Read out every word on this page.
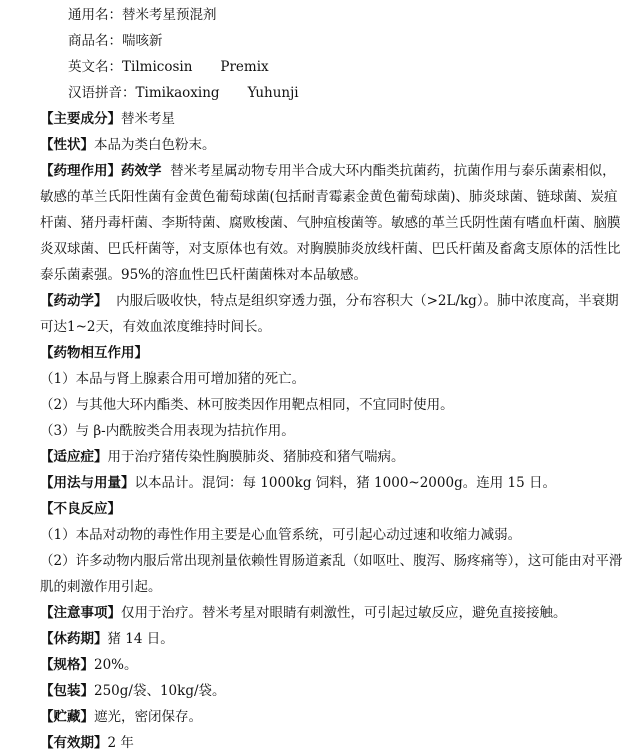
通用名：替米考星预混剂

商品名：喘咳新

英文名：Tilmicosin Premix

汉语拼音：Timikaoxing Yuhunji

【主要成分】替米考星

【性状】本品为类白色粉末。

【药理作用】药效学 替米考星属动物专用半合成大环内酯类抗菌药，抗菌作用与泰乐菌素相似，敏感的革兰氏阳性菌有金黄色葡萄球菌(包括耐青霉素金黄色葡萄球菌)、肺炎球菌、链球菌、炭疽杆菌、猪丹毒杆菌、李斯特菌、腐败梭菌、气肿疽梭菌等。敏感的革兰氏阴性菌有嗜血杆菌、脑膜炎双球菌、巴氏杆菌等，对支原体也有效。对胸膜肺炎放线杆菌、巴氏杆菌及畜禽支原体的活性比泰乐菌素强。95%的溶血性巴氏杆菌菌株对本品敏感。

【药动学】 内服后吸收快，特点是组织穿透力强，分布容积大（>2L/kg）。肺中浓度高，半衰期可达1~2天，有效血浓度维持时间长。

【药物相互作用】

（1）本品与肾上腺素合用可增加猪的死亡。

（2）与其他大环内酯类、林可胺类因作用靶点相同，不宜同时使用。

（3）与 β-内酰胺类合用表现为拮抗作用。

【适应症】用于治疗猪传染性胸膜肺炎、猪肺疫和猪气喘病。

【用法与用量】以本品计。混饲：每 1000kg 饲料，猪 1000~2000g。连用 15 日。

【不良反应】

（1）本品对动物的毒性作用主要是心血管系统，可引起心动过速和收缩力减弱。

（2）许多动物内服后常出现剂量依赖性胃肠道紊乱（如呕吐、腹泻、肠疼痛等），这可能由对平滑肌的刺激作用引起。

【注意事项】仅用于治疗。替米考星对眼睛有刺激性，可引起过敏反应，避免直接接触。

【休药期】猪 14 日。

【规格】20%。

【包装】250g/袋、10kg/袋。

【贮藏】遮光，密闭保存。

【有效期】2 年
